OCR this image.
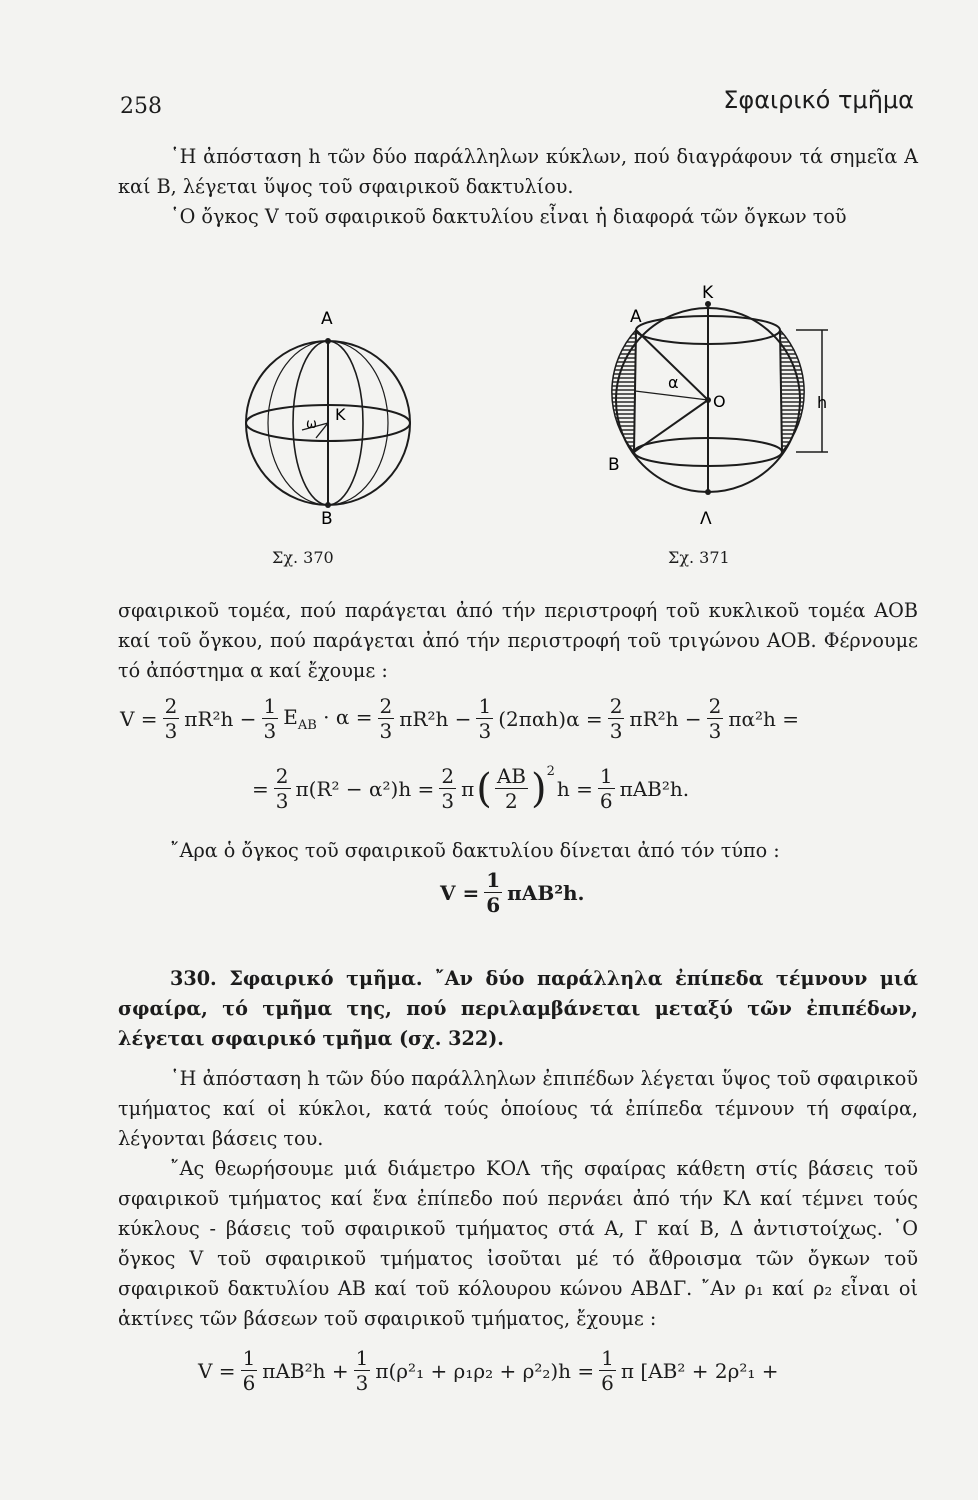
258	Σφαιρικό τμῆμα
῾Η ἀπόσταση h τῶν δύο παράλληλων κύκλων, πού διαγράφουν τά σημεῖα Α καί Β, λέγεται ὕψος τοῦ σφαιρικοῦ δακτυλίου.
῾Ο ὄγκος V τοῦ σφαιρικοῦ δακτυλίου εἶναι ἡ διαφορά τῶν ὄγκων τοῦ
Α
Β
Κ
ω
Σχ. 370
Κ
Λ
Α
Β
Ο
α
h
Σχ. 371
σφαιρικοῦ τομέα, πού παράγεται ἀπό τήν περιστροφή τοῦ κυκλικοῦ τομέα ΑΟΒ καί τοῦ ὄγκου, πού παράγεται ἀπό τήν περιστροφή τοῦ τριγώνου ΑΟΒ. Φέρνουμε τό ἀπόστημα α καί ἔχουμε :
$V = \frac{2}{3} \pi R^2h - \frac{1}{3} E_{AB} \cdot \alpha = \frac{2}{3} \pi R^2h - \frac{1}{3} (2\pi\alpha h)\alpha = \frac{2}{3} \pi R^2h - \frac{2}{3} \pi\alpha^2h$ =
= $\frac{2}{3} \pi(R^2 - \alpha^2)h = \frac{2}{3}$ π ( $\frac{AB}{2} )^2$
$h = \frac{1}{6} \pi AB^2h$.
῎Αρα ὁ ὄγκος τοῦ σφαιρικοῦ δακτυλίου δίνεται ἀπό τόν τύπο :
$V = \frac{1}{6} \pi AB^2h$.
330. Σφαιρικό τμῆμα. ῎Αν δύο παράλληλα ἐπίπεδα τέμνουν μιά σφαίρα, τό τμῆμα της, πού περιλαμβάνεται μεταξύ τῶν ἐπιπέδων, λέγεται σφαιρικό τμῆμα (σχ. 322).
῾Η ἀπόσταση h τῶν δύο παράλληλων ἐπιπέδων λέγεται ὕψος τοῦ σφαιρικοῦ τμήματος καί οἱ κύκλοι, κατά τούς ὁποίους τά ἐπίπεδα τέμνουν τή σφαίρα, λέγονται βάσεις του.
῎Ας θεωρήσουμε μιά διάμετρο ΚΟΛ τῆς σφαίρας κάθετη στίς βάσεις τοῦ σφαιρικοῦ τμήματος καί ἕνα ἐπίπεδο πού περνάει ἀπό τήν ΚΛ καί τέμνει τούς κύκλους - βάσεις τοῦ σφαιρικοῦ τμήματος στά Α, Γ καί Β, Δ ἀντιστοίχως. ῾Ο ὄγκος V τοῦ σφαιρικοῦ τμήματος ἰσοῦται μέ τό ἄθροισμα τῶν ὄγκων τοῦ σφαιρικοῦ δακτυλίου ΑΒ καί τοῦ κόλουρου κώνου ΑΒΔΓ. ῎Αν ρ₁ καί ρ₂ εἶναι οἱ ἀκτίνες τῶν βάσεων τοῦ σφαιρικοῦ τμήματος, ἔχουμε :
$V = \frac{1}{6} \pi AB^2h + \frac{1}{3} \pi(\rho^2_1 + \rho_1\rho_2 + \rho^2_2)h = \frac{1}{6}$ π [AB² + 2ρ²₁ +
